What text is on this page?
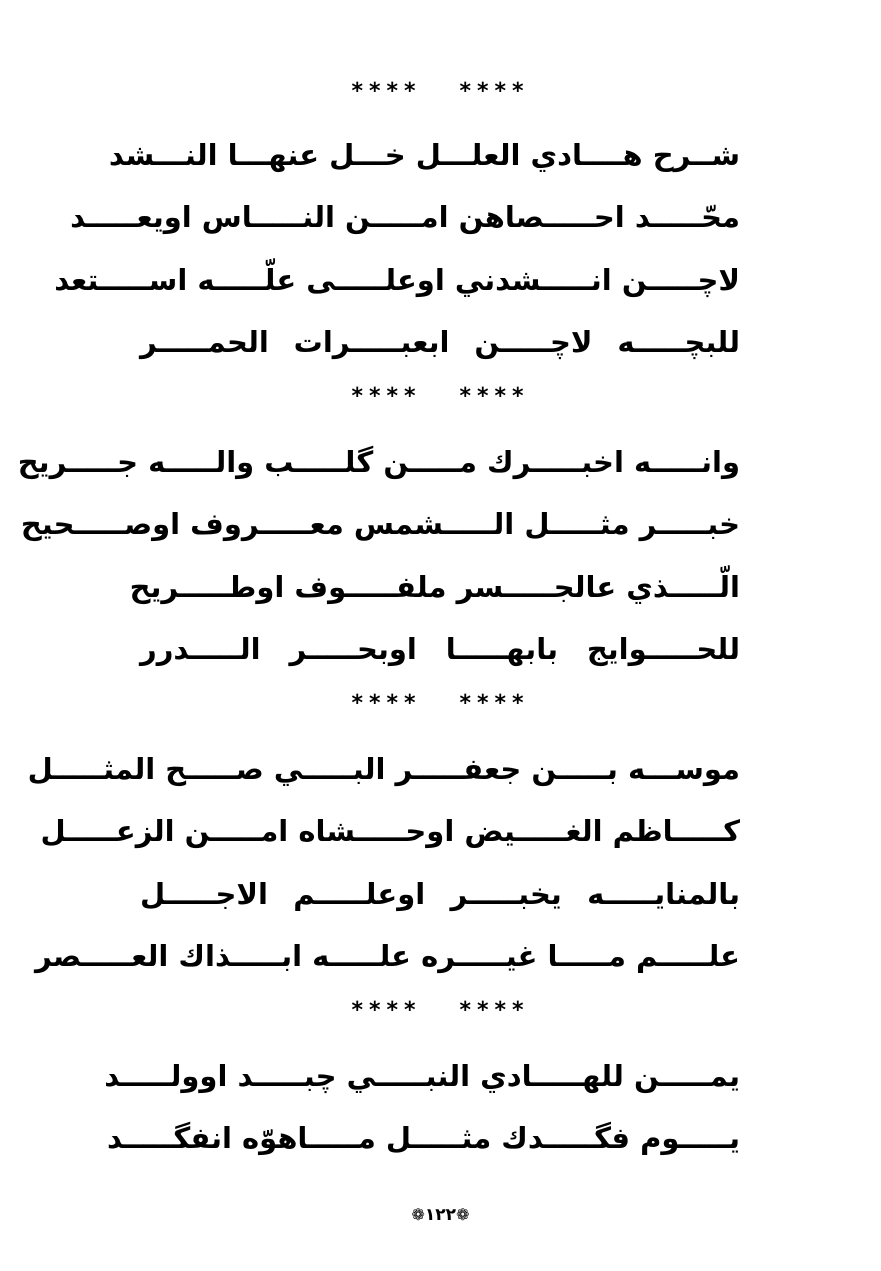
**** ****
شــرح هــــادي العلـــل خـــل عنهـــا النـــشد
محّـــــد احـــــصاهن امـــــن النـــــاس اويعـــــد
لاچـــــن انـــــشدني اوعلـــــى علّـــــه اســـــتعد
للبچـــــه لاچـــــن ابعبـــــرات الحمـــــر
**** ****
وانـــــه اخبـــــرك مـــــن گلـــــب والـــــه جـــــريح
خبـــــر مثـــــل الـــــشمس معـــــروف اوصـــــحيح
الّـــــذي عالجـــــسر ملفـــــوف اوطـــــريح
للحـــــوايج بابهـــــا اوبحـــــر الـــــدرر
**** ****
موســـه بـــــن جعفـــــر البـــــي صـــــح المثـــــل
كـــــاظم الغـــــيض اوحـــــشاه امـــــن الزعـــــل
بالمنايـــــه يخبـــــر اوعلـــــم الاجـــــل
علـــــم مـــــا غيـــــره علـــــه ابـــــذاك العـــــصر
**** ****
يمـــــن للهـــــادي النبـــــي چبـــــد اوولـــــد
يـــــوم فگـــــدك مثـــــل مـــــاهوّه انفگـــــد
❁١٢٢❁
